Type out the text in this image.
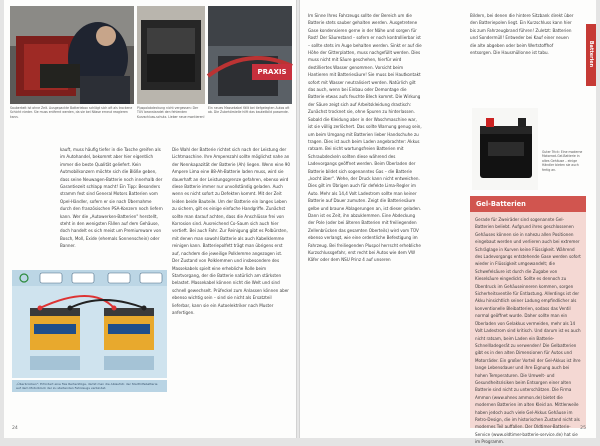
Sauberkeit ist ohne Zeit. Ausgepackte Batteriebox schlägt sich oft als trockene Schicht nieder. Sie muss entfernt werden, da sie bei Nässe erneut reagieren kann.
Pluspolabdeckung nicht vergessen: Der TÜV beanstandet den fehlenden Kurzschluss-schutz. Lieber neue montieren!
PRAXIS
Ein neues Massekabel fällt bei tiefgelegten Autos oft ab. Die Zubehörstelle hilft das bauteilbild passende.
kauft, muss häufig tiefer in die Tasche greifen als im Autohandel, bekommt aber hier eigentlich immer die beste Qualität geliefert. Kein Autmobilkonzern möchte sich die Blöße geben, dass seine Neuwagen-Batterie noch innerhalb der Garantiezeit schlapp macht! Ein Tipp: Besonders stramm fest sind General Motors Batterien vom Opel-Händler, sofern er sie nach Übernahme durch den französischen PSA-Konzern noch liefern kann. Wer die „Autowerken-Batterien" herstellt, steht in den wenigsten Fällen auf dem Gehäuse, doch handelt es sich meist um Premiumware von Bosch, Moll, Exide (ehemals Sonnenschein) oder Banner.
Die Wahl der Batterie richtet sich nach der Leistung der Lichtmaschine. Ihre Amperezahl sollte möglichst nahe an der Nennkapazität der Batterie (Ah) liegen. Wenn eine 90 Ampere Lima eine 88-Ah-Batterie laden muss, wird sie dauerhaft an der Leistungsgrenze gefahren, ebenso wird diese Batterie immer nur unvollständig geladen. Auch wenn es nicht sofort zu Defekten kommt. Mit der Zeit leiden beide Bauteile. Um der Batterie ein langes Leben zu sichern, gilt es einige einfache Handgriffe. Zunächst sollte man darauf achten, dass die Anschlüsse frei von Korrosion sind. Ausreichend Co-Saum sich auch hier vertieft. Bei auch Fahr. Zur Reinigung gibt es Polbürsten, mit denen man sowohl Batterie als auch Kabelklemme reinigen kann. Batteriepolfett trägt man übrigens erst auf, nachdem die jeweilige Polklemme angezogen ist. Der Zustand von Polklemmen und insbesondere des Massekabels spielt eine erhebliche Rolle beim Startvorgang, der die Batterie natürlich am stärksten belastet. Massekabel können nicht die Welt und sind schnell gewechselt. Prüfeckel zum Anlassen können aber ebenso wichtig sein – sind sie nicht als Ersatzteil lieferbar, kann sie ein Autoelektriker nach Muster anfertigen.
„Überbrücken": Erfordert eine fixe Reihenfolge, damit man die Ablaufstr. der Starthilfebatterie auf dem Motorblock der zu startenden Fahrzeugs verbindet.
24
Batterien
Im Sinne Ihres Fahrzeugs sollte der Bereich um die Batterie stets sauber gehalten werden. Ausgetretene Gase kondensieren gerne in der Nähe und sorgen für Rost! Der Säurestand – sofern er noch kontrollierbar ist – sollte stets im Auge behalten werden. Sinkt er auf die Höhe der Gitterplatten, muss nachgefüllt werden. Dies muss nicht mit Säure geschehen, hierfür wird destilliertes Wasser genommen. Vorsicht beim Hantieren mit Batteriesäure! Sie muss bei Hautkontakt sofort mit Wasser neutralisiert werden. Natürlich gilt das auch, wenn bei Einbau oder Demontage die Batterie etwas aufs feuchte Blech kommt. Die Wirkung der Säure zeigt sich auf Arbeitskleidung drastisch: Zunächst trocknet sie, ohne Spuren zu hinterlassen. Sobald die Kleidung aber in der Waschmaschine war, ist sie völlig zerlöchert. Das sollte Warnung genug sein, um beim Umgang mit Batterien lieber Handschuhe zu tragen. Dies ist auch beim Laden angebrachter: Akkus ratsam. Bei nicht wartungsfreien Batterien mit Schraubdeckeln sollten diese während des Ladevorgangs geöffnet werden. Beim Überladen der Batterie bildet sich sogenanntes Gas – die Batterie „kocht über". Wehe, der Druck kann nicht entweichen. Dies gilt im Übrigen auch für defekte Lima-Regler im Auto. Mehr als 14,4 Volt Ladestrom sollte man keiner Batterie auf Dauer zumuten. Zeigt die Batteriesäure gelbe und braune Ablagerungen an, ist dieser geladen. Dann ist es Zeit, ihn abzuklemmen. Eine Abdeckung der Pole (oder bei älteren Batterien mit freiliegenden Zellenbrücken das gesamten Oberteils) wird vom TÜV ebenso verlangt, wie eine ordentliche Befestigung im Fahrzeug. Bei freiliegenden Pluspol herrscht erhebliche Kurzschlussgefahr, erst recht bei Autos wie dem VW Käfer oder dem NSU Prinz 4 auf unseren
Bildern, bei denen die hintere Sitzbank direkt über den Batteriepolen liegt. Ein Kurzschluss kann hier bis zum Fahrzeugbrand führen! Zuletzt: Batterien und Sondermüll! Entweder bei Kauf einer neuen die alte abgeben oder beim Wertstoffhof entsorgen. Die Hausmüllonne ist tabu.
Guter Trick: Eine moderne Motorrad-Gel-Batterie in altes Gehäuse – einige Händler bieten sie auch fertig an.
Gel-Batterien
Gerade für Zweiräder sind sogenannte Gel-Batterien beliebt. Aufgrund ihres geschlossenen Gehäuses können sie in nahezu allen Positionen eingebaut werden und verlieren auch bei extremer Schräglage in Kurven keine Flüssigkeit. Während des Ladevorgangs entstehende Gase werden sofort wieder in Flüssigkeit umgewandelt; die Schwefelsäure ist durch die Zugabe von Kieselsäure eingedickt. Sollte es dennoch zu Überdruck im Gehäuseinneren kommen, sorgen Sicherheitsventile für Entlastung. Allerdings ist der Akku hinsichtlich seiner Ladung empfindlicher als konventionelle Bleibatterien, sodass das Ventil normal geöffnet wurde. Daher sollte man ein Überladen von Gelakkus vermeiden, mehr als 14 Volt Ladestrom sind kritisch. Und darum ist es auch nicht ratsam, beim Laden ein Batterie-Schnellladegerät zu verwenden! Die Gelbatterien gibt es in den alten Dimensionen für Autos und Motorräder. Ein großer Vorteil der Gel-Akkus ist ihre lange Lebensdauer und ihre Eignung auch bei hohen Temperaturen. Die Umwelt- und Gesundheitsrisiken beim Entsorgen einer alten Batterie sind nicht zu unterschätzen. Die Firma Ammon (www.ohnes ammon.de) bietet die modernen Batterien im alten Kleid an. Mittlerweile haben jedoch auch viele Gel-Akkus Gehäuse im Retro-Design, die im historischen Zustand nicht als modernes Teil auffallen. Der Oldtimer-Batterie-Service (www.oldtimer-batterie-service.de) hat sie im Programm.
25
